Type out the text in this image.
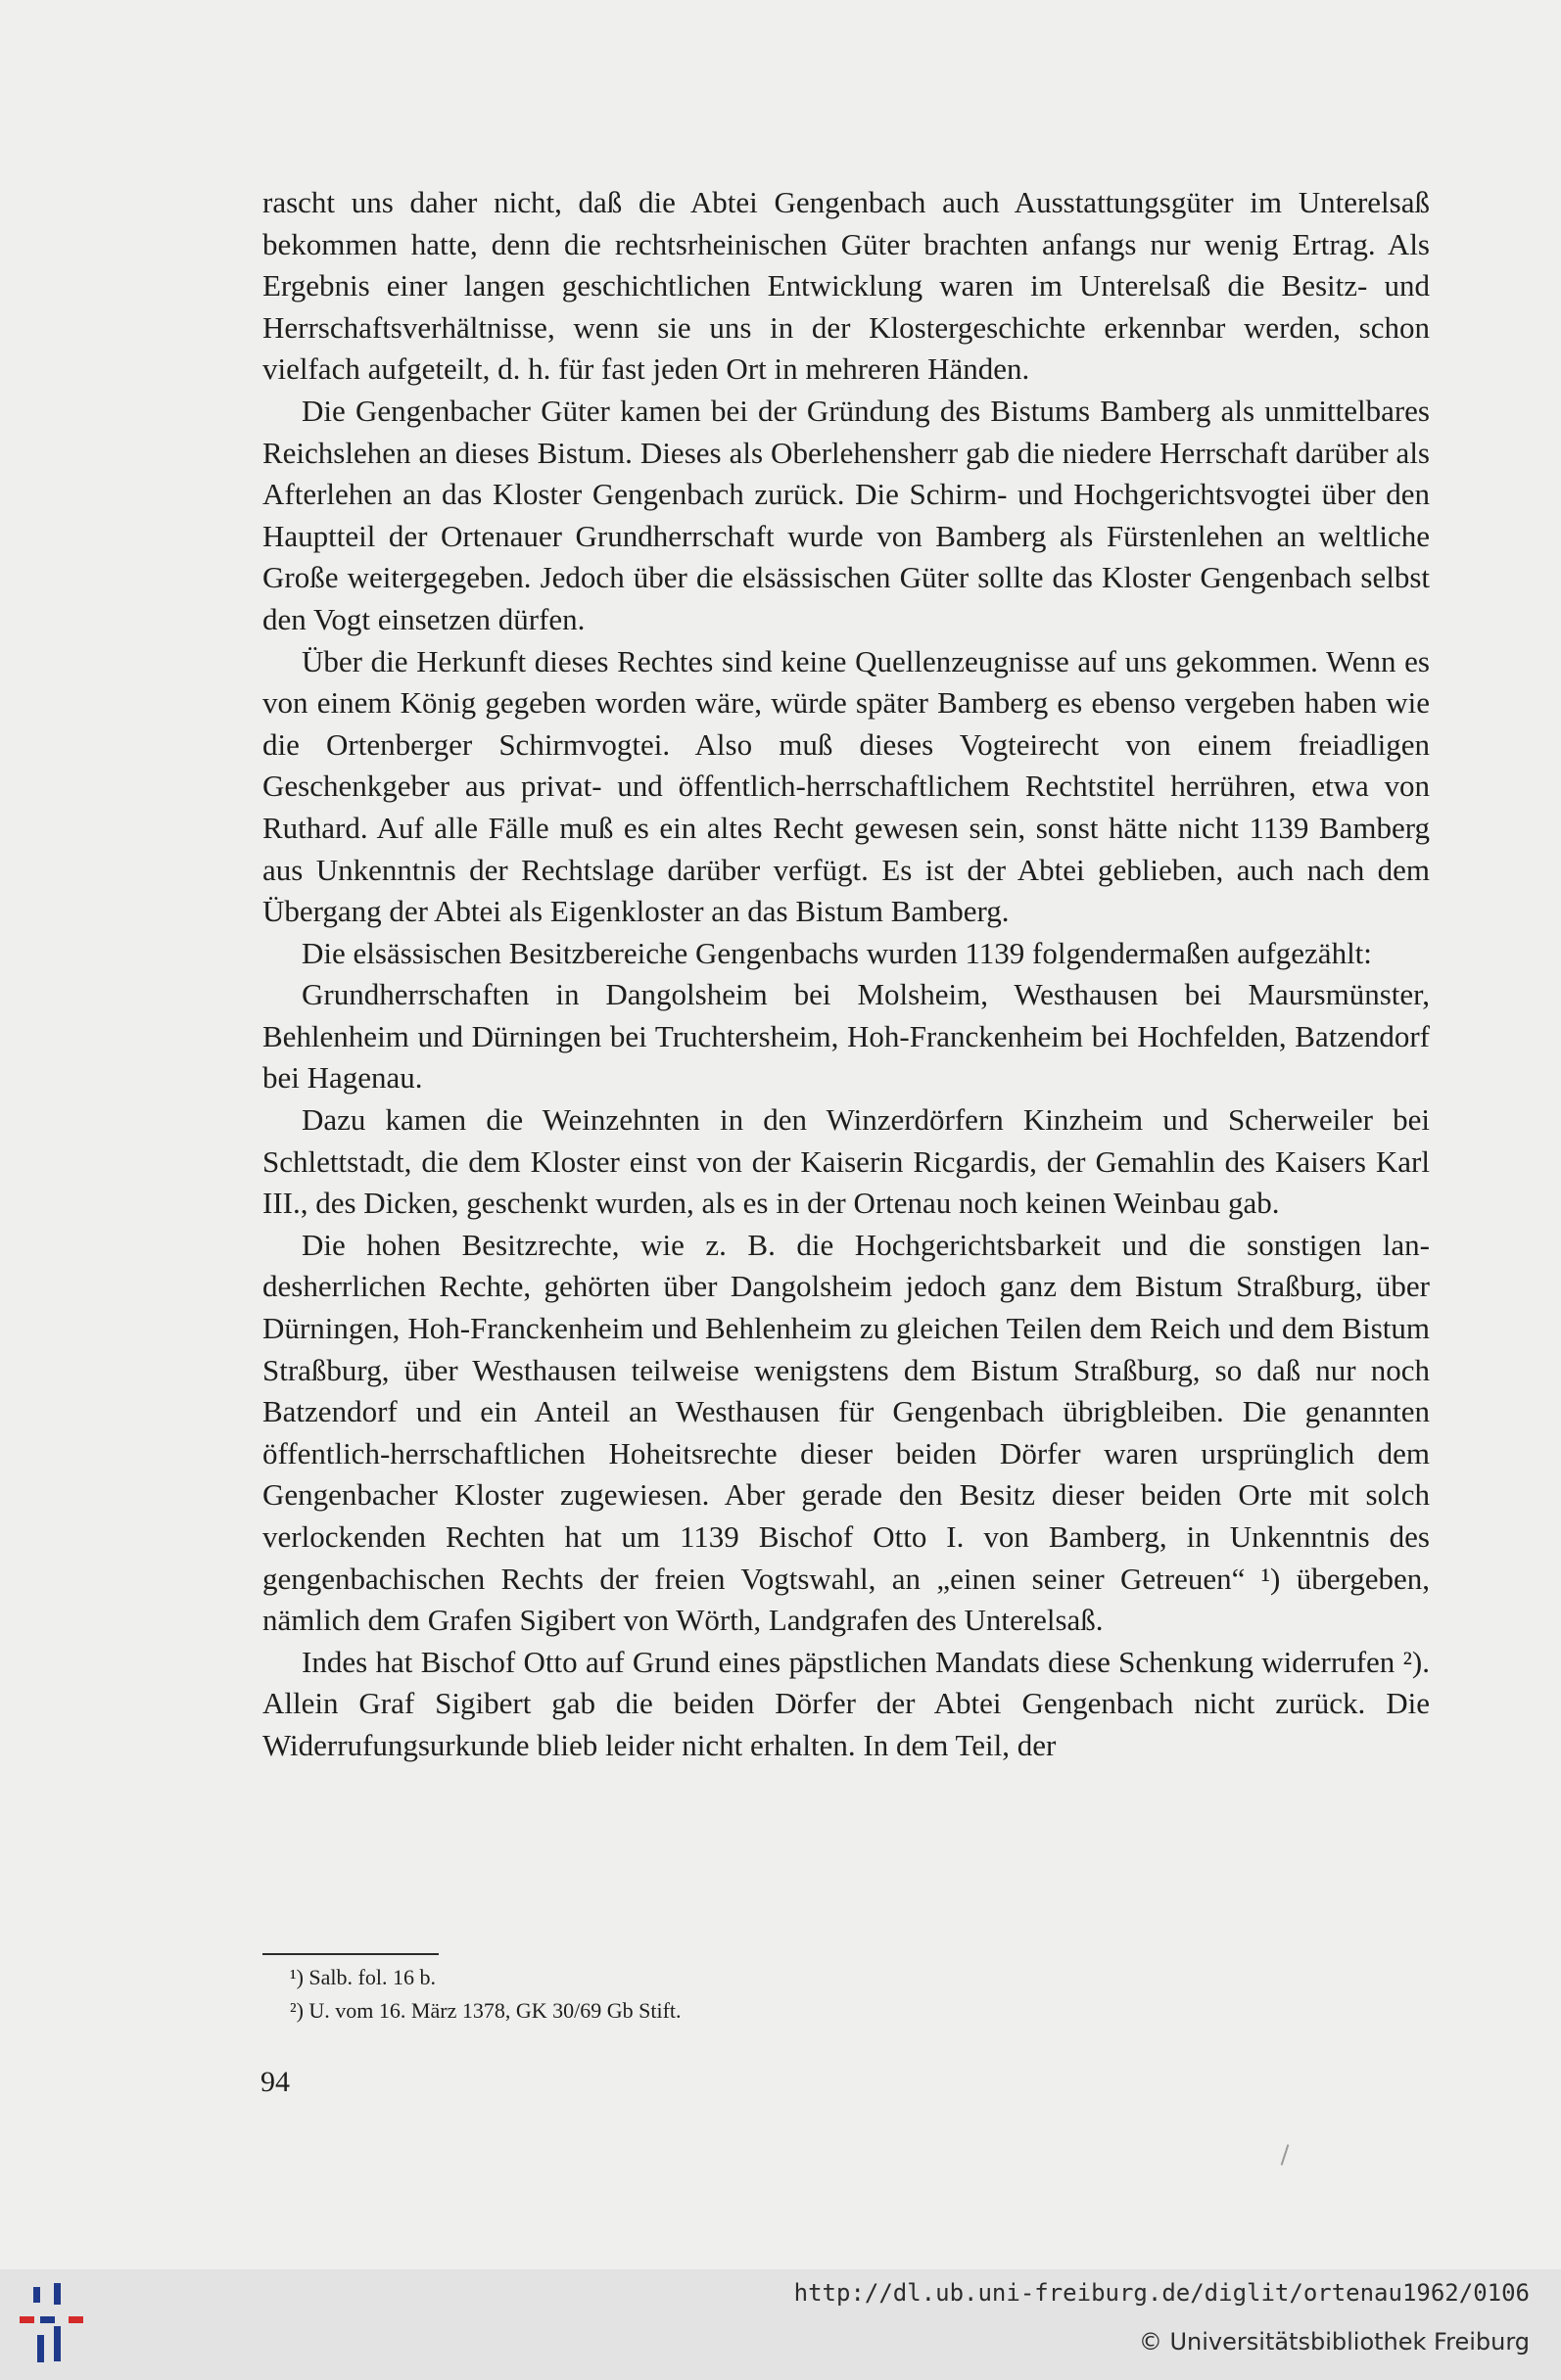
rascht uns daher nicht, daß die Abtei Gengenbach auch Ausstattungsgüter im Unterelsaß bekommen hatte, denn die rechtsrheinischen Güter brachten anfangs nur wenig Ertrag. Als Ergebnis einer langen geschichtlichen Entwicklung waren im Unterelsaß die Besitz- und Herrschaftsverhältnisse, wenn sie uns in der Klostergeschichte erkennbar werden, schon vielfach aufgeteilt, d. h. für fast jeden Ort in mehreren Händen.

Die Gengenbacher Güter kamen bei der Gründung des Bistums Bamberg als unmittelbares Reichslehen an dieses Bistum. Dieses als Oberlehensherr gab die niedere Herrschaft darüber als Afterlehen an das Kloster Gengenbach zurück. Die Schirm- und Hochgerichtsvogtei über den Hauptteil der Ortenauer Grundherrschaft wurde von Bamberg als Fürstenlehen an weltliche Große weitergegeben. Jedoch über die elsässischen Güter sollte das Kloster Gengenbach selbst den Vogt einsetzen dürfen.

Über die Herkunft dieses Rechtes sind keine Quellenzeugnisse auf uns gekommen. Wenn es von einem König gegeben worden wäre, würde später Bamberg es ebenso vergeben haben wie die Ortenberger Schirmvogtei. Also muß dieses Vogteirecht von einem freiadligen Geschenkgeber aus privat- und öffentlich-herrschaftlichem Rechtstitel herrühren, etwa von Ruthard. Auf alle Fälle muß es ein altes Recht gewesen sein, sonst hätte nicht 1139 Bamberg aus Unkenntnis der Rechtslage darüber verfügt. Es ist der Abtei geblieben, auch nach dem Übergang der Abtei als Eigenkloster an das Bistum Bamberg.

Die elsässischen Besitzbereiche Gengenbachs wurden 1139 folgendermaßen aufgezählt:

Grundherrschaften in Dangolsheim bei Molsheim, Westhausen bei Maursmünster, Behlenheim und Dürningen bei Truchtersheim, Hoh-Franckenheim bei Hochfelden, Batzendorf bei Hagenau.

Dazu kamen die Weinzehnten in den Winzerdörfern Kinzheim und Scherweiler bei Schlettstadt, die dem Kloster einst von der Kaiserin Ricgardis, der Gemahlin des Kaisers Karl III., des Dicken, geschenkt wurden, als es in der Ortenau noch keinen Weinbau gab.

Die hohen Besitzrechte, wie z. B. die Hochgerichtsbarkeit und die sonstigen landesherrlichen Rechte, gehörten über Dangolsheim jedoch ganz dem Bistum Straßburg, über Dürningen, Hoh-Franckenheim und Behlenheim zu gleichen Teilen dem Reich und dem Bistum Straßburg, über Westhausen teilweise wenigstens dem Bistum Straßburg, so daß nur noch Batzendorf und ein Anteil an Westhausen für Gengenbach übrigbleiben. Die genannten öffentlich-herrschaftlichen Hoheitsrechte dieser beiden Dörfer waren ursprünglich dem Gengenbacher Kloster zugewiesen. Aber gerade den Besitz dieser beiden Orte mit solch verlockenden Rechten hat um 1139 Bischof Otto I. von Bamberg, in Unkenntnis des gengenbachischen Rechts der freien Vogtswahl, an „einen seiner Getreuen“ ¹) übergeben, nämlich dem Grafen Sigibert von Wörth, Landgrafen des Unterelsaß.

Indes hat Bischof Otto auf Grund eines päpstlichen Mandats diese Schenkung widerrufen ²). Allein Graf Sigibert gab die beiden Dörfer der Abtei Gengenbach nicht zurück. Die Widerrufungsurkunde blieb leider nicht erhalten. In dem Teil, der

¹) Salb. fol. 16 b.

²) U. vom 16. März 1378, GK 30/69 Gb Stift.

94
http://dl.ub.uni-freiburg.de/diglit/ortenau1962/0106
© Universitätsbibliothek Freiburg
